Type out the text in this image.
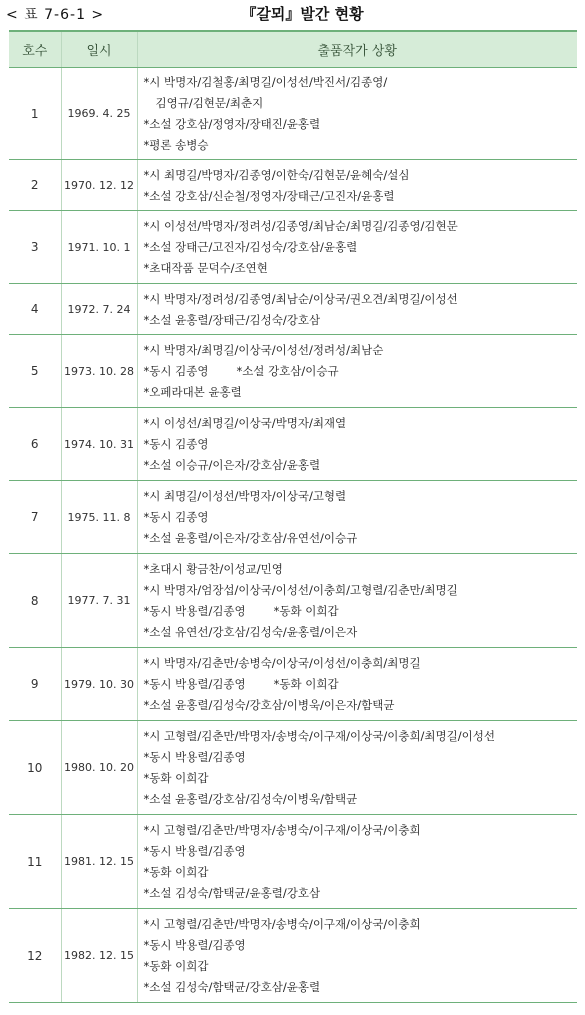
< 표 7-6-1 >	『갈뫼』발간 현황
호수	일시	출품작가 상황
1	1969. 4. 25	*시 박명자/김철홍/최명길/이성선/박진서/김종영/
김영규/김현문/최춘지
*소설 강호삼/정영자/장태진/윤홍렬
*평론 송병승

2	1970. 12. 12	*시 최명길/박명자/김종영/이한숙/김현문/윤혜숙/설심
*소설 강호삼/신순철/정영자/장태근/고진자/윤홍렬

3	1971. 10. 1	*시 이성선/박명자/정려성/김종영/최남순/최명길/김종영/김현문
*소설 장태근/고진자/김성숙/강호삼/윤홍렬
*초대작품 문덕수/조연현

4	1972. 7. 24	*시 박명자/정려성/김종영/최남순/이상국/권오견/최명길/이성선
*소설 윤홍렬/장태근/김성숙/강호삼

5	1973. 10. 28	*시 박명자/최명길/이상국/이성선/정려성/최남순
*동시 김종영 *소설 강호삼/이승규
*오페라대본 윤홍렬

6	1974. 10. 31	*시 이성선/최명길/이상국/박명자/최재열
*동시 김종영
*소설 이승규/이은자/강호삼/윤홍렬

7	1975. 11. 8	*시 최명길/이성선/박명자/이상국/고형렬
*동시 김종영
*소설 윤홍렬/이은자/강호삼/유연선/이승규

8	1977. 7. 31	*초대시 황금찬/이성교/민영
*시 박명자/엄장섭/이상국/이성선/이충희/고형렬/김춘만/최명길
*동시 박용렬/김종영 *동화 이희갑
*소설 유연선/강호삼/김성숙/윤홍렬/이은자

9	1979. 10. 30	*시 박명자/김춘만/송병숙/이상국/이성선/이충희/최명길
*동시 박용렬/김종영 *동화 이희갑
*소설 윤홍렬/김성숙/강호삼/이병욱/이은자/함택균

10	1980. 10. 20	*시 고형렬/김춘만/박명자/송병숙/이구재/이상국/이충희/최명길/이성선
*동시 박용렬/김종영
*동화 이희갑
*소설 윤홍렬/강호삼/김성숙/이병욱/함택균

11	1981. 12. 15	*시 고형렬/김춘만/박명자/송병숙/이구재/이상국/이충희
*동시 박용렬/김종영
*동화 이희갑
*소설 김성숙/함택균/윤홍렬/강호삼

12	1982. 12. 15	*시 고형렬/김춘만/박명자/송병숙/이구재/이상국/이충희
*동시 박용렬/김종영
*동화 이희갑
*소설 김성숙/함택균/강호삼/윤홍렬
